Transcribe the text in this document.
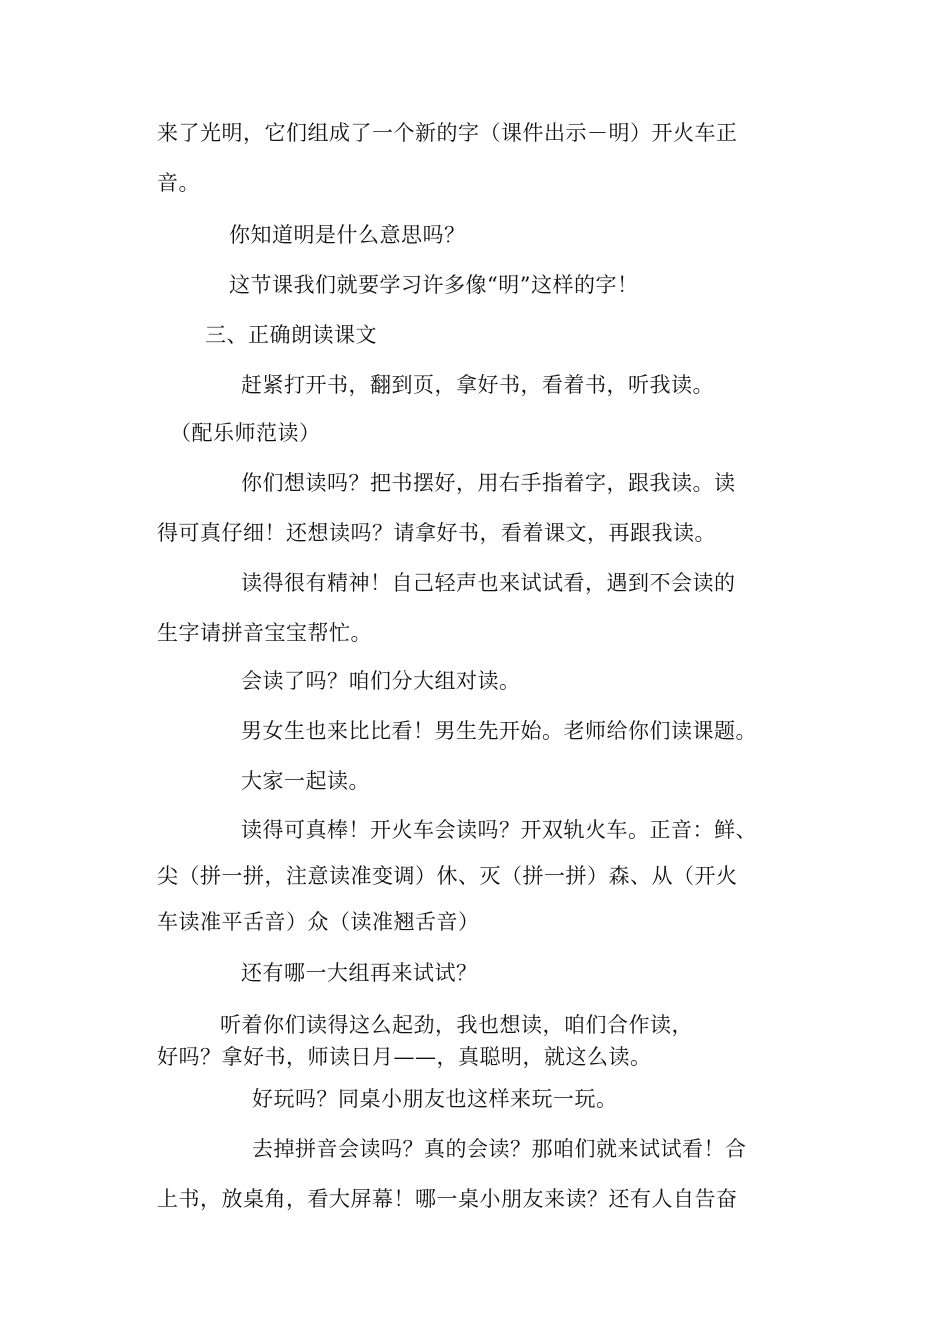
来了光明，它们组成了一个新的字（课件出示－明）开火车正
音。
你知道明是什么意思吗？
这节课我们就要学习许多像“明”这样的字！
三、正确朗读课文
赶紧打开书，翻到页，拿好书，看着书，听我读。
（配乐师范读）
你们想读吗？把书摆好，用右手指着字，跟我读。读
得可真仔细！还想读吗？请拿好书，看着课文，再跟我读。
读得很有精神！自己轻声也来试试看，遇到不会读的
生字请拼音宝宝帮忙。
会读了吗？咱们分大组对读。
男女生也来比比看！男生先开始。老师给你们读课题。
大家一起读。
读得可真棒！开火车会读吗？开双轨火车。正音：鲜、
尖（拼一拼，注意读准变调）休、灭（拼一拼）森、从（开火
车读准平舌音）众（读准翘舌音）
还有哪一大组再来试试？
听着你们读得这么起劲，我也想读，咱们合作读，
好吗？拿好书，师读日月——，真聪明，就这么读。
好玩吗？同桌小朋友也这样来玩一玩。
去掉拼音会读吗？真的会读？那咱们就来试试看！合
上书，放桌角，看大屏幕！哪一桌小朋友来读？还有人自告奋
